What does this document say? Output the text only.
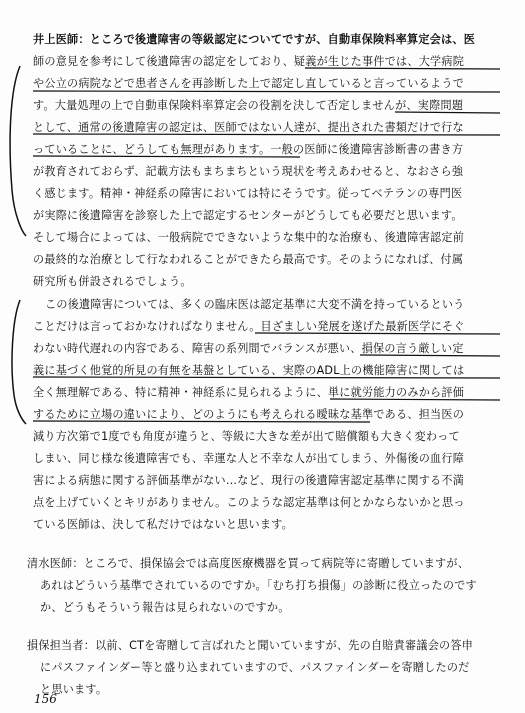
井上医師：ところで後遺障害の等級認定についてですが、自動車保険料率算定会は、医
師の意見を参考にして後遺障害の認定をしており、疑義が生じた事件では、大学病院
や公立の病院などで患者さんを再診断した上で認定し直していると言っているようで
す。大量処理の上で自動車保険料率算定会の役割を決して否定しませんが、実際問題
として、通常の後遺障害の認定は、医師ではない人達が、提出された書類だけで行な
っていることに、どうしても無理があります。一般の医師に後遺障害診断書の書き方
が教育されておらず、記載方法もまちまちという現状を考えあわせると、なおさら強
く感じます。精神・神経系の障害においては特にそうです。従ってベテランの専門医
が実際に後遺障害を診察した上で認定するセンターがどうしても必要だと思います。
そして場合によっては、一般病院でできないような集中的な治療も、後遺障害認定前
の最終的な治療として行なわれることができたら最高です。そのようになれば、付属
研究所も併設されるでしょう。
この後遺障害については、多くの臨床医は認定基準に大変不満を持っているという
ことだけは言っておかなければなりません。目ざましい発展を遂げた最新医学にそぐ
わない時代遅れの内容である、障害の系列間でバランスが悪い、損保の言う厳しい定
義に基づく他覚的所見の有無を基盤としている、実際のADL上の機能障害に関しては
全く無理解である、特に精神・神経系に見られるように、単に就労能力のみから評価
するために立場の違いにより、どのようにも考えられる曖昧な基準である、担当医の
減り方次第で1度でも角度が違うと、等級に大きな差が出て賠償額も大きく変わって
しまい、同じ様な後遺障害でも、幸運な人と不幸な人が出てしまう、外傷後の血行障
害による病態に関する評価基準がない…など、現行の後遺障害認定基準に関する不満
点を上げていくとキリがありません。このような認定基準は何とかならないかと思っ
ている医師は、決して私だけではないと思います。
清水医師：ところで、損保協会では高度医療機器を買って病院等に寄贈していますが、
あれはどういう基準でされているのですか。「むち打ち損傷」の診断に役立ったのです
か、どうもそういう報告は見られないのですか。
損保担当者：以前、CTを寄贈して言ばれたと聞いていますが、先の自賠責審議会の答申
にパスファインダー等と盛り込まれていますので、パスファインダーを寄贈したのだ
と思います。
156
